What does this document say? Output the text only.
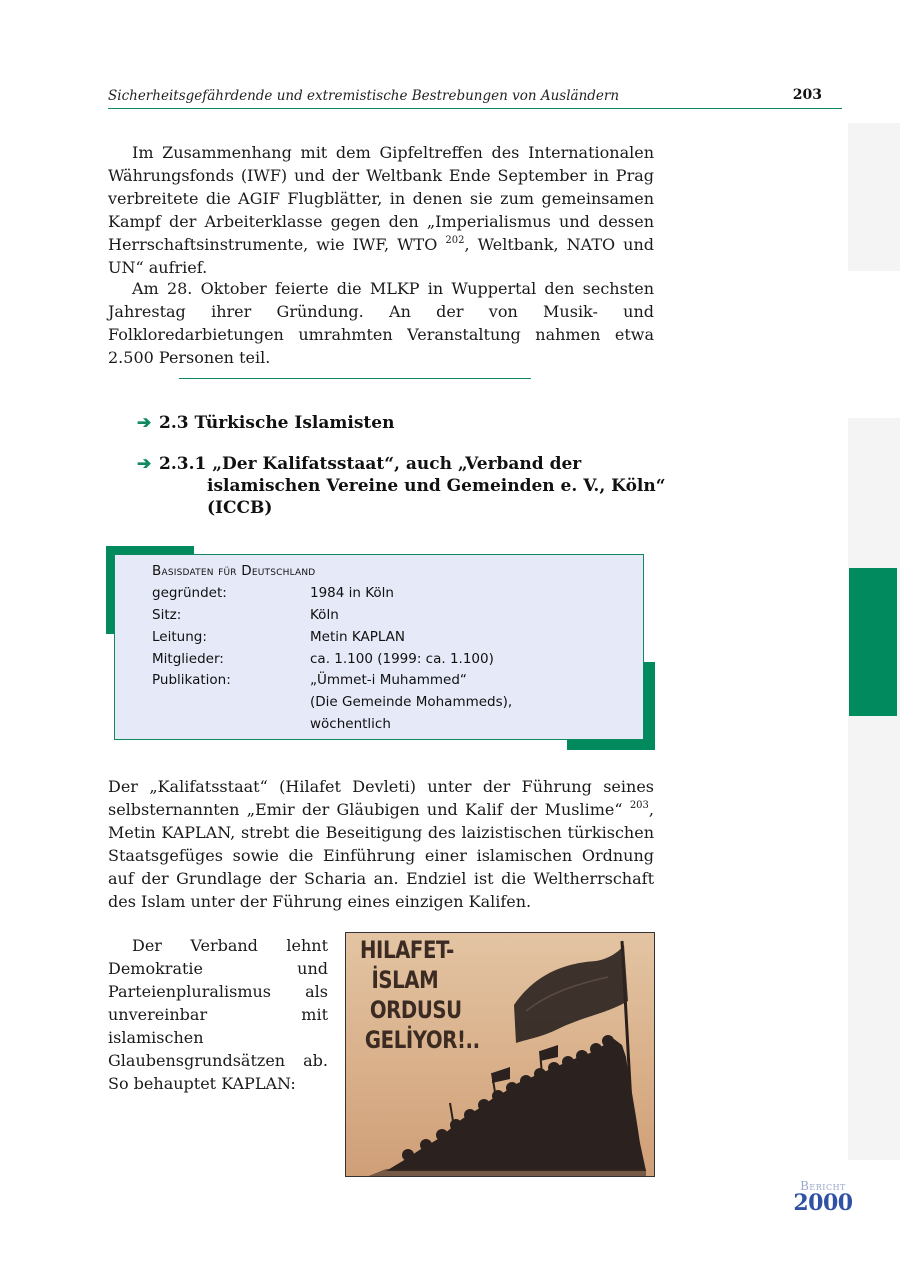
Sicherheitsgefährdende und extremistische Bestrebungen von Ausländern	203

Im Zusammenhang mit dem Gipfeltreffen des Internationalen Währungsfonds (IWF) und der Weltbank Ende September in Prag verbreitete die AGIF Flugblätter, in denen sie zum gemeinsamen Kampf der Arbeiterklasse gegen den „Imperialismus und dessen Herrschaftsinstrumente, wie IWF, WTO $^{202}$, Weltbank, NATO und UN“ aufrief.

Am 28. Oktober feierte die MLKP in Wuppertal den sechsten Jahrestag ihrer Gründung. An der von Musik- und Folkloredarbietungen umrahmten Veranstaltung nahmen etwa 2.500 Personen teil.

➔ 2.3 Türkische Islamisten
➔ 2.3.1 „Der Kalifatsstaat“, auch „Verband der
islamischen Vereine und Gemeinden e. V., Köln“
(ICCB)
Basisdaten für Deutschland
gegründet:	1984 in Köln
Sitz:	Köln
Leitung:	Metin KAPLAN
Mitglieder:	ca. 1.100 (1999: ca. 1.100)
Publikation:	„Ümmet-i Muhammed“
(Die Gemeinde Mohammeds),
wöchentlich

Der „Kalifatsstaat“ (Hilafet Devleti) unter der Führung seines selbsternannten „Emir der Gläubigen und Kalif der Muslime“ $^{203}$, Metin KAPLAN, strebt die Beseitigung des laizistischen türkischen Staatsgefüges sowie die Einführung einer islamischen Ordnung auf der Grundlage der Scharia an. Endziel ist die Weltherrschaft des Islam unter der Führung eines einzigen Kalifen.

Der Verband lehnt Demokratie und Parteienpluralismus als unvereinbar mit islamischen Glaubensgrundsätzen ab. So behauptet KAPLAN:

HILAFET-
İSLAM
ORDUSU
GELİYOR!..
Bericht
2000
